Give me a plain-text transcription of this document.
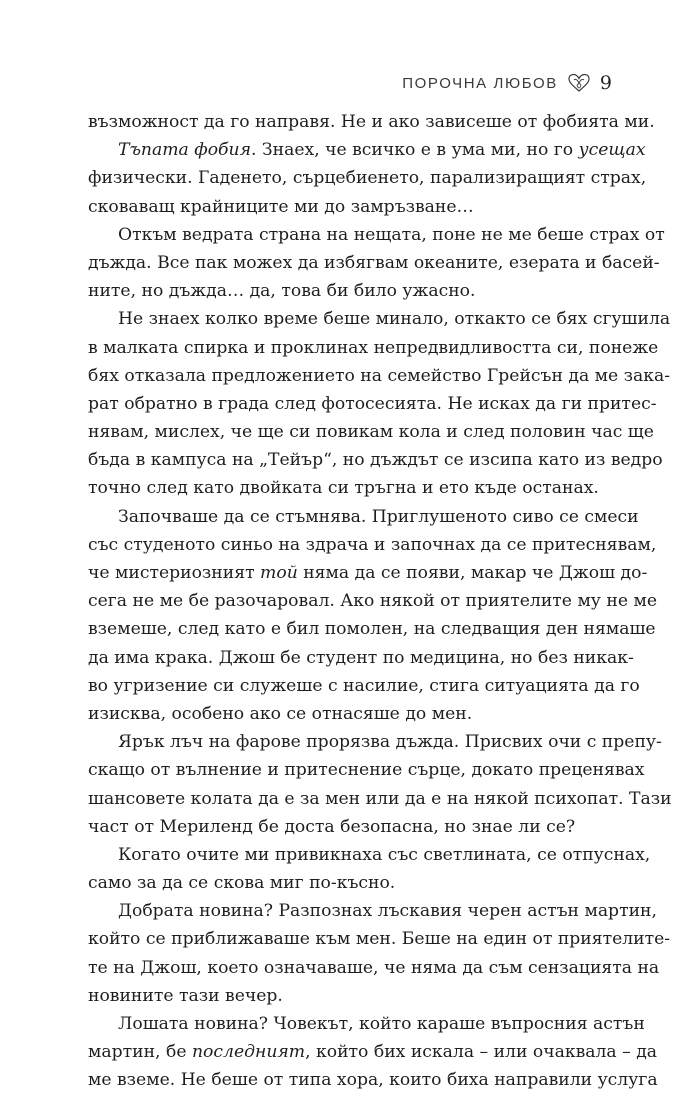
ПОРОЧНА ЛЮБОВ 9
възможност да го направя. Не и ако зависеше от фобията ми.
Тъпата фобия. Знаех, че всичко е в ума ми, но го усещах
физически. Гаденето, сърцебиенето, парализиращият страх,
сковаващ крайниците ми до замръзване…
Откъм ведрата страна на нещата, поне не ме беше страх от
дъжда. Все пак можех да избягвам океаните, езерата и басей-
ните, но дъжда… да, това би било ужасно.
Не знаех колко време беше минало, откакто се бях сгушила
в малката спирка и проклинах непредвидливостта си, понеже
бях отказала предложението на семейство Грейсън да ме зака-
рат обратно в града след фотосесията. Не исках да ги притес-
нявам, мислех, че ще си повикам кола и след половин час ще
бъда в кампуса на „Тейър“, но дъждът се изсипа като из ведро
точно след като двойката си тръгна и ето къде останах.
Започваше да се стъмнява. Приглушеното сиво се смеси
със студеното синьо на здрача и започнах да се притеснявам,
че мистериозният той няма да се появи, макар че Джош до-
сега не ме бе разочаровал. Ако някой от приятелите му не ме
вземеше, след като е бил помолен, на следващия ден нямаше
да има крака. Джош бе студент по медицина, но без никак-
во угризение си служеше с насилие, стига ситуацията да го
изисква, особено ако се отнасяше до мен.
Ярък лъч на фарове прорязва дъжда. Присвих очи с препу-
скащо от вълнение и притеснение сърце, докато преценявах
шансовете колата да е за мен или да е на някой психопат. Тази
част от Мериленд бе доста безопасна, но знае ли се?
Когато очите ми привикнаха със светлината, се отпуснах,
само за да се скова миг по-късно.
Добрата новина? Разпознах лъскавия черен астън мартин,
който се приближаваше към мен. Беше на един от приятелите-
те на Джош, което означаваше, че няма да съм сензацията на
новините тази вечер.
Лошата новина? Човекът, който караше въпросния астън
мартин, бе последният, който бих искала – или очаквала – да
ме вземе. Не беше от типа хора, които биха направили услуга
